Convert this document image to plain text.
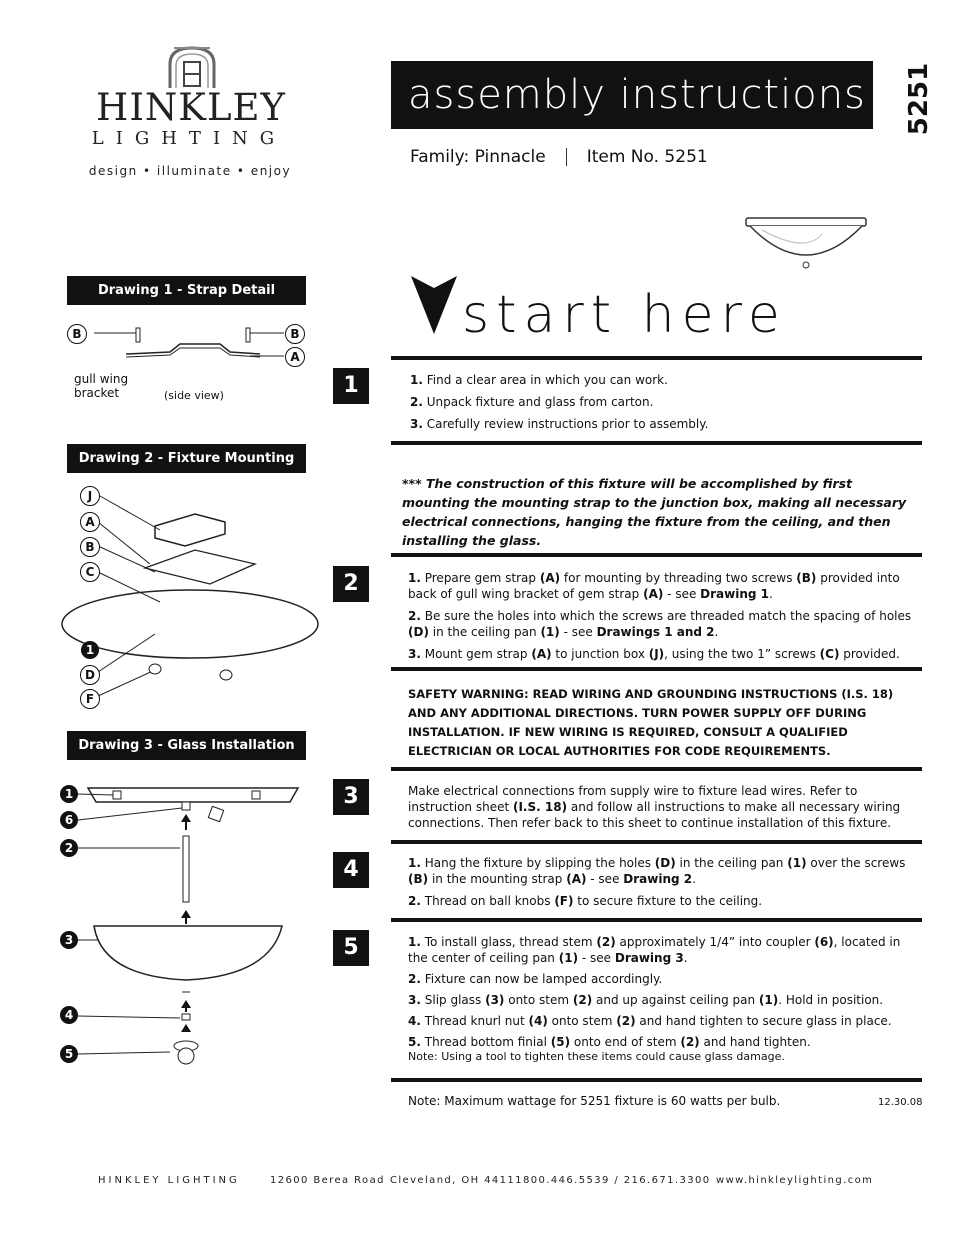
HINKLEY
LIGHTING
design • illuminate • enjoy
assembly instructions 5251
Family: Pinnacle Item No. 5251
start here
Drawing 1 - Strap Detail
B	B
A
gull wing
bracket	(side view)
Drawing 2 - Fixture Mounting
J
A
B
C
1
D
F
Drawing 3 - Glass Installation
1
6
2
3
4
5
1	1. Find a clear area in which you can work.

2. Unpack fixture and glass from carton.

3. Carefully review instructions prior to assembly.

*** The construction of this fixture will be accomplished by first mounting the mounting strap to the junction box, making all necessary electrical connections, hanging the fixture from the ceiling, and then installing the glass.
2	1. Prepare gem strap (A) for mounting by threading two screws (B) provided into back of gull wing bracket of gem strap (A) - see Drawing 1.

2. Be sure the holes into which the screws are threaded match the spacing of holes (D) in the ceiling pan (1) - see Drawings 1 and 2.

3. Mount gem strap (A) to junction box (J), using the two 1” screws (C) provided.

SAFETY WARNING: READ WIRING AND GROUNDING INSTRUCTIONS (I.S. 18) AND ANY ADDITIONAL DIRECTIONS. TURN POWER SUPPLY OFF DURING INSTALLATION. IF NEW WIRING IS REQUIRED, CONSULT A QUALIFIED ELECTRICIAN OR LOCAL AUTHORITIES FOR CODE REQUIREMENTS.
3	Make electrical connections from supply wire to fixture lead wires. Refer to instruction sheet (I.S. 18) and follow all instructions to make all necessary wiring connections. Then refer back to this sheet to continue installation of this fixture.

4	1. Hang the fixture by slipping the holes (D) in the ceiling pan (1) over the screws (B) in the mounting strap (A) - see Drawing 2.

2. Thread on ball knobs (F) to secure fixture to the ceiling.

5	1. To install glass, thread stem (2) approximately 1/4” into coupler (6), located in the center of ceiling pan (1) - see Drawing 3.

2. Fixture can now be lamped accordingly.

3. Slip glass (3) onto stem (2) and up against ceiling pan (1). Hold in position.

4. Thread knurl nut (4) onto stem (2) and hand tighten to secure glass in place.

5. Thread bottom finial (5) onto end of stem (2) and hand tighten.

Note: Using a tool to tighten these items could cause glass damage.

Note: Maximum wattage for 5251 fixture is 60 watts per bulb.	12.30.08
HINKLEY LIGHTING	12600 Berea Road Cleveland, OH 44111 800.446.5539 / 216.671.3300 www.hinkleylighting.com
